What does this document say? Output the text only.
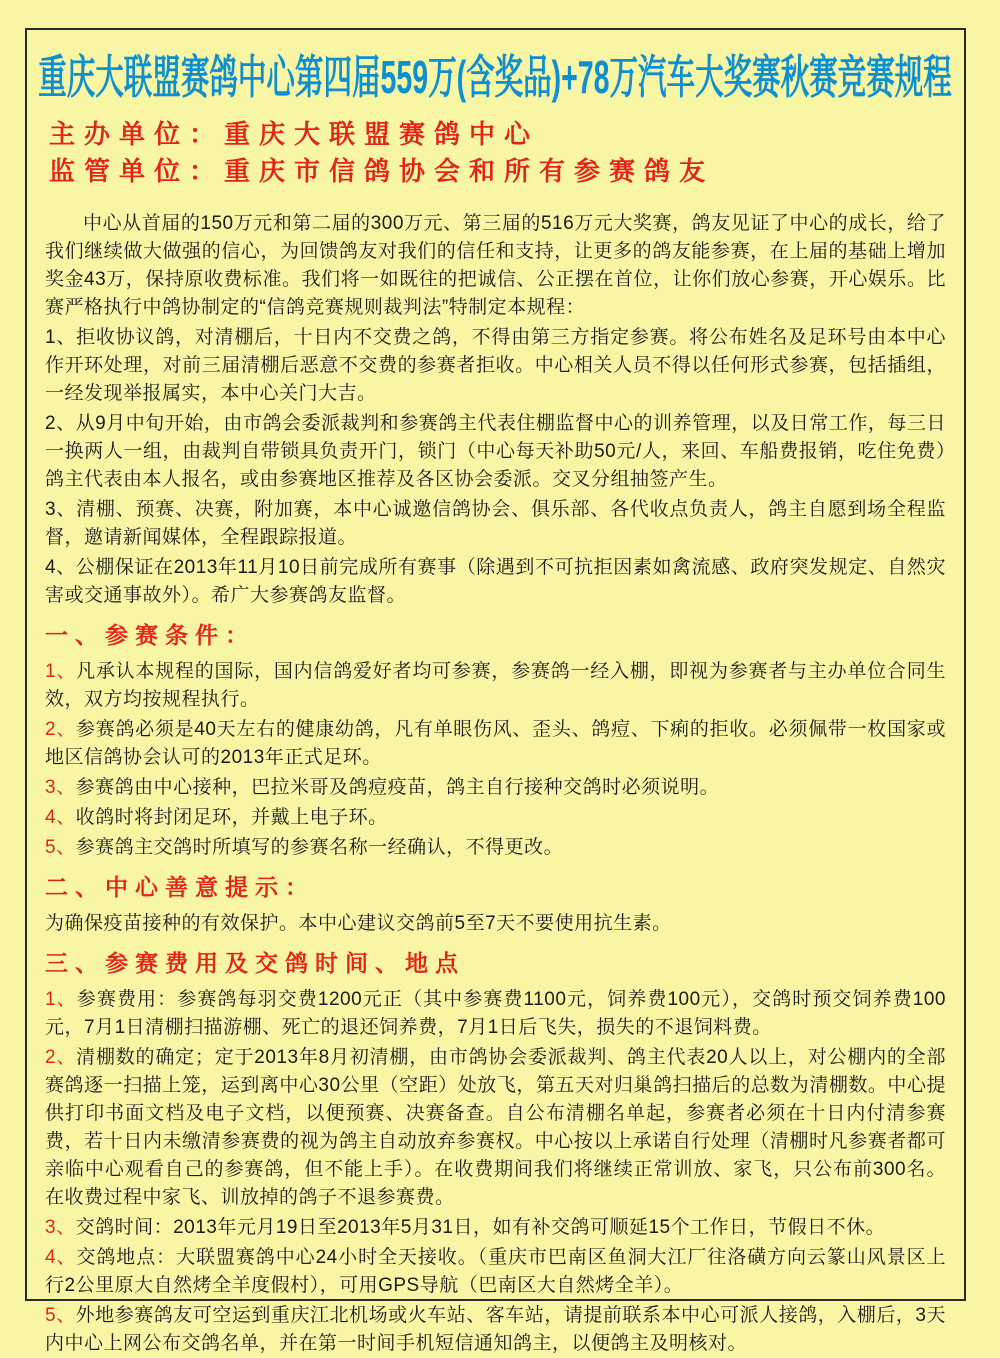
重庆大联盟赛鸽中心第四届559万(含奖品)+78万汽车大奖赛秋赛竞赛规程
主办单位：重庆大联盟赛鸽中心
监管单位：重庆市信鸽协会和所有参赛鸽友

中心从首届的150万元和第二届的300万元、第三届的516万元大奖赛，鸽友见证了中心的成长，给了我们继续做大做强的信心，为回馈鸽友对我们的信任和支持，让更多的鸽友能参赛，在上届的基础上增加奖金43万，保持原收费标准。我们将一如既往的把诚信、公正摆在首位，让你们放心参赛，开心娱乐。比赛严格执行中鸽协制定的“信鸽竞赛规则裁判法”特制定本规程：

1、拒收协议鸽，对清棚后，十日内不交费之鸽，不得由第三方指定参赛。将公布姓名及足环号由本中心作开环处理，对前三届清棚后恶意不交费的参赛者拒收。中心相关人员不得以任何形式参赛，包括插组，一经发现举报属实，本中心关门大吉。

2、从9月中旬开始，由市鸽会委派裁判和参赛鸽主代表住棚监督中心的训养管理，以及日常工作，每三日一换两人一组，由裁判自带锁具负责开门，锁门（中心每天补助50元/人，来回、车船费报销，吃住免费）鸽主代表由本人报名，或由参赛地区推荐及各区协会委派。交叉分组抽签产生。

3、清棚、预赛、决赛，附加赛，本中心诚邀信鸽协会、俱乐部、各代收点负责人，鸽主自愿到场全程监督，邀请新闻媒体，全程跟踪报道。

4、公棚保证在2013年11月10日前完成所有赛事（除遇到不可抗拒因素如禽流感、政府突发规定、自然灾害或交通事故外）。希广大参赛鸽友监督。

一、参赛条件：

1、凡承认本规程的国际，国内信鸽爱好者均可参赛，参赛鸽一经入棚，即视为参赛者与主办单位合同生效，双方均按规程执行。

2、参赛鸽必须是40天左右的健康幼鸽，凡有单眼伤风、歪头、鸽痘、下痢的拒收。必须佩带一枚国家或地区信鸽协会认可的2013年正式足环。

3、参赛鸽由中心接种，巴拉米哥及鸽痘疫苗，鸽主自行接种交鸽时必须说明。

4、收鸽时将封闭足环，并戴上电子环。

5、参赛鸽主交鸽时所填写的参赛名称一经确认，不得更改。

二、中心善意提示：

为确保疫苗接种的有效保护。本中心建议交鸽前5至7天不要使用抗生素。

三、参赛费用及交鸽时间、地点

1、参赛费用：参赛鸽每羽交费1200元正（其中参赛费1100元，饲养费100元），交鸽时预交饲养费100元，7月1日清棚扫描游棚、死亡的退还饲养费，7月1日后飞失，损失的不退饲料费。

2、清棚数的确定；定于2013年8月初清棚，由市鸽协会委派裁判、鸽主代表20人以上，对公棚内的全部赛鸽逐一扫描上笼，运到离中心30公里（空距）处放飞，第五天对归巢鸽扫描后的总数为清棚数。中心提供打印书面文档及电子文档，以便预赛、决赛备查。自公布清棚名单起，参赛者必须在十日内付清参赛费，若十日内未缴清参赛费的视为鸽主自动放弃参赛权。中心按以上承诺自行处理（清棚时凡参赛者都可亲临中心观看自己的参赛鸽，但不能上手）。在收费期间我们将继续正常训放、家飞，只公布前300名。在收费过程中家飞、训放掉的鸽子不退参赛费。

3、交鸽时间：2013年元月19日至2013年5月31日，如有补交鸽可顺延15个工作日，节假日不休。

4、交鸽地点：大联盟赛鸽中心24小时全天接收。（重庆市巴南区鱼洞大江厂往洛磺方向云篆山风景区上行2公里原大自然烤全羊度假村），可用GPS导航（巴南区大自然烤全羊）。

5、外地参赛鸽友可空运到重庆江北机场或火车站、客车站，请提前联系本中心可派人接鸽，入棚后，3天内中心上网公布交鸽名单，并在第一时间手机短信通知鸽主，以便鸽主及明核对。
